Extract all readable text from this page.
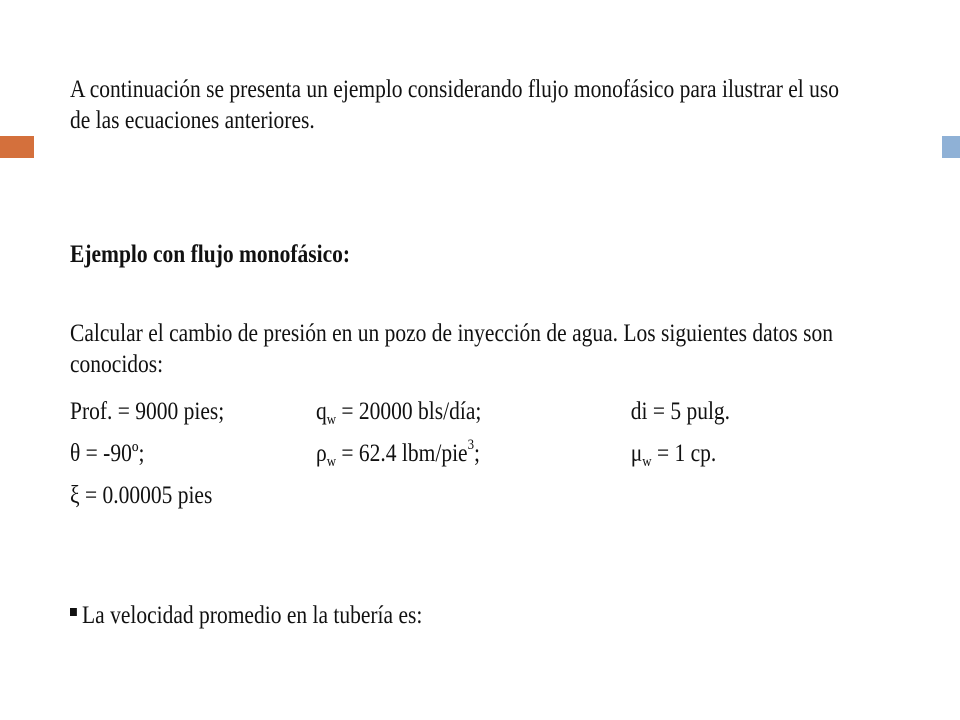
A continuación se presenta un ejemplo considerando flujo monofásico para ilustrar el uso

de las ecuaciones anteriores.

Ejemplo con flujo monofásico:

Calcular el cambio de presión en un pozo de inyección de agua. Los siguientes datos son

conocidos:

Prof. = 9000 pies;	$q_w = 20000$ bls/día;	di = 5 pulg.
θ = -90º;	$\rho_w = 62.4$ lbm/pie$^3$;	$\mu_w = 1$ cp.
ξ = 0.00005 pies
La velocidad promedio en la tubería es:
